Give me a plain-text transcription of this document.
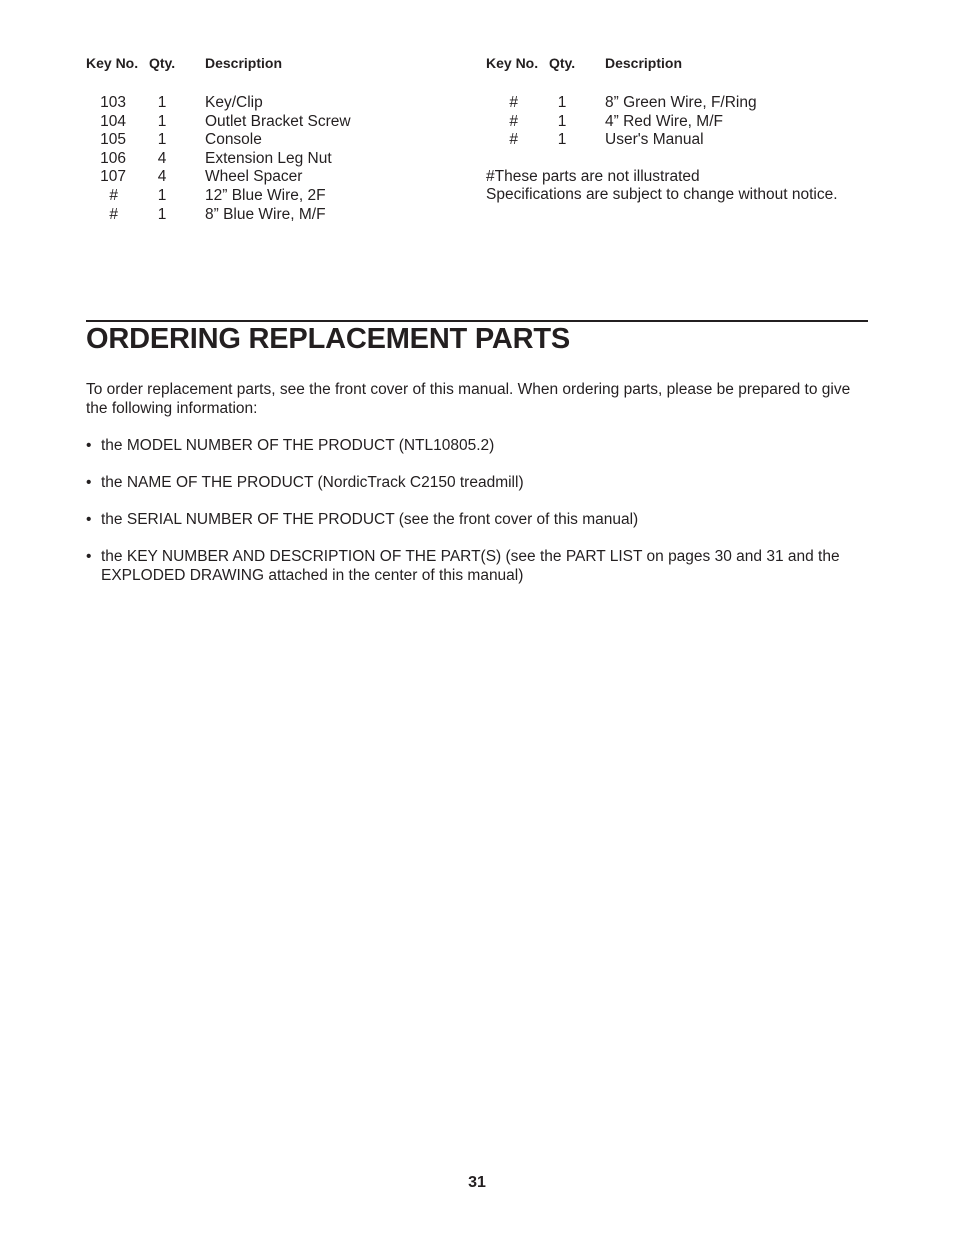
Key No. Qty. Description
103 1 Key/Clip
104 1 Outlet Bracket Screw
105 1 Console
106 4 Extension Leg Nut
107 4 Wheel Spacer
#	1 12” Blue Wire, 2F
#	1 8” Blue Wire, M/F
Key No. Qty. Description
#	1 8” Green Wire, F/Ring
#	1 4” Red Wire, M/F
#	1 User's Manual
#These parts are not illustrated
Specifications are subject to change without notice.
ORDERING REPLACEMENT PARTS

To order replacement parts, see the front cover of this manual. When ordering parts, please be prepared to give the following information:

• the MODEL NUMBER OF THE PRODUCT (NTL10805.2)
• the NAME OF THE PRODUCT (NordicTrack C2150 treadmill)
• the SERIAL NUMBER OF THE PRODUCT (see the front cover of this manual)
• the KEY NUMBER AND DESCRIPTION OF THE PART(S) (see the PART LIST on pages 30 and 31 and the EXPLODED DRAWING attached in the center of this manual)
31
